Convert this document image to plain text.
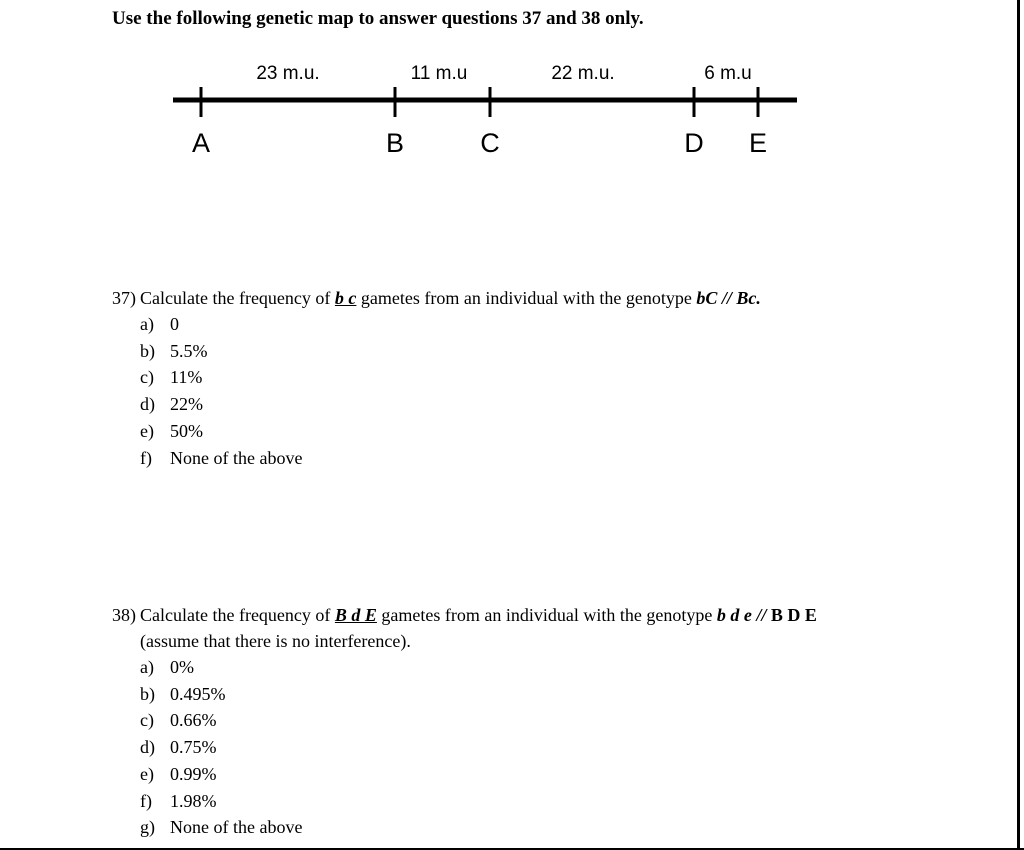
Use the following genetic map to answer questions 37 and 38 only.
23 m.u.	11 m.u	22 m.u.	6 m.u
A	B	C	D E
37) Calculate the frequency of b c gametes from an individual with the genotype bC // Bc.
a) 0
b) 5.5%
c) 11%
d) 22%
e) 50%
f) None of the above
38) Calculate the frequency of B d E gametes from an individual with the genotype b d e // B D E
(assume that there is no interference).
a) 0%
b) 0.495%
c) 0.66%
d) 0.75%
e) 0.99%
f) 1.98%
g) None of the above
